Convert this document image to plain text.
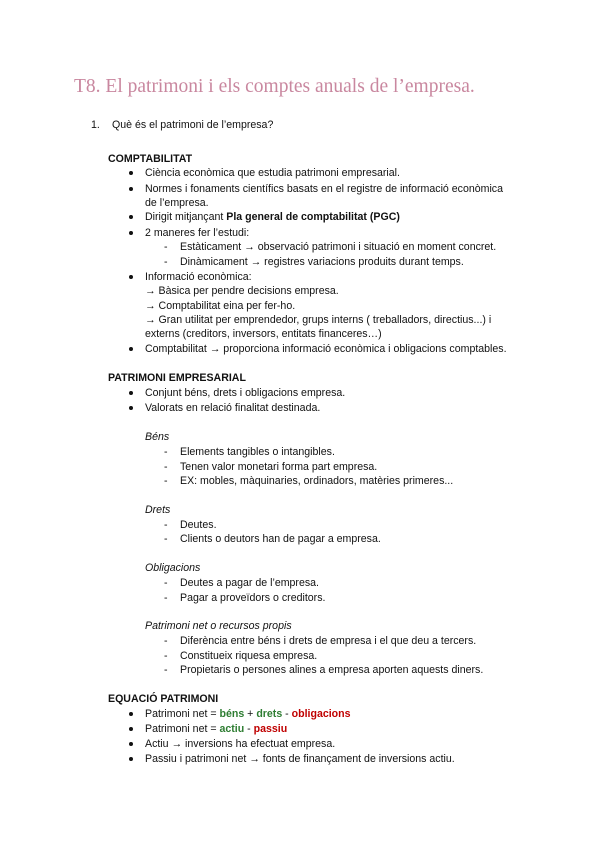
T8. El patrimoni i els comptes anuals de l’empresa.
1. Què és el patrimoni de l’empresa?
COMPTABILITAT
Ciència econòmica que estudia patrimoni empresarial.
Normes i fonaments científics basats en el registre de informació econòmica
de l’empresa.
Dirigit mitjançant Pla general de comptabilitat (PGC)
2 maneres fer l’estudi:
- Estàticament → observació patrimoni i situació en moment concret.
- Dinàmicament → registres variacions produits durant temps.
Informació econòmica:
→ Bàsica per pendre decisions empresa.
→ Comptabilitat eina per fer-ho.
→ Gran utilitat per emprendedor, grups interns ( treballadors, directius...) i
externs (creditors, inversors, entitats financeres…)
Comptabilitat → proporciona informació econòmica i obligacions comptables.
PATRIMONI EMPRESARIAL
Conjunt béns, drets i obligacions empresa.
Valorats en relació finalitat destinada.
Béns
- Elements tangibles o intangibles.
- Tenen valor monetari forma part empresa.
- EX: mobles, màquinaries, ordinadors, matèries primeres...
Drets
- Deutes.
- Clients o deutors han de pagar a empresa.
Obligacions
- Deutes a pagar de l’empresa.
- Pagar a proveïdors o creditors.
Patrimoni net o recursos propis
- Diferència entre béns i drets de empresa i el que deu a tercers.
- Constitueix riquesa empresa.
- Propietaris o persones alines a empresa aporten aquests diners.
EQUACIÓ PATRIMONI
Patrimoni net = béns + drets - obligacions
Patrimoni net = actiu - passiu
Actiu → inversions ha efectuat empresa.
Passiu i patrimoni net → fonts de finançament de inversions actiu.
